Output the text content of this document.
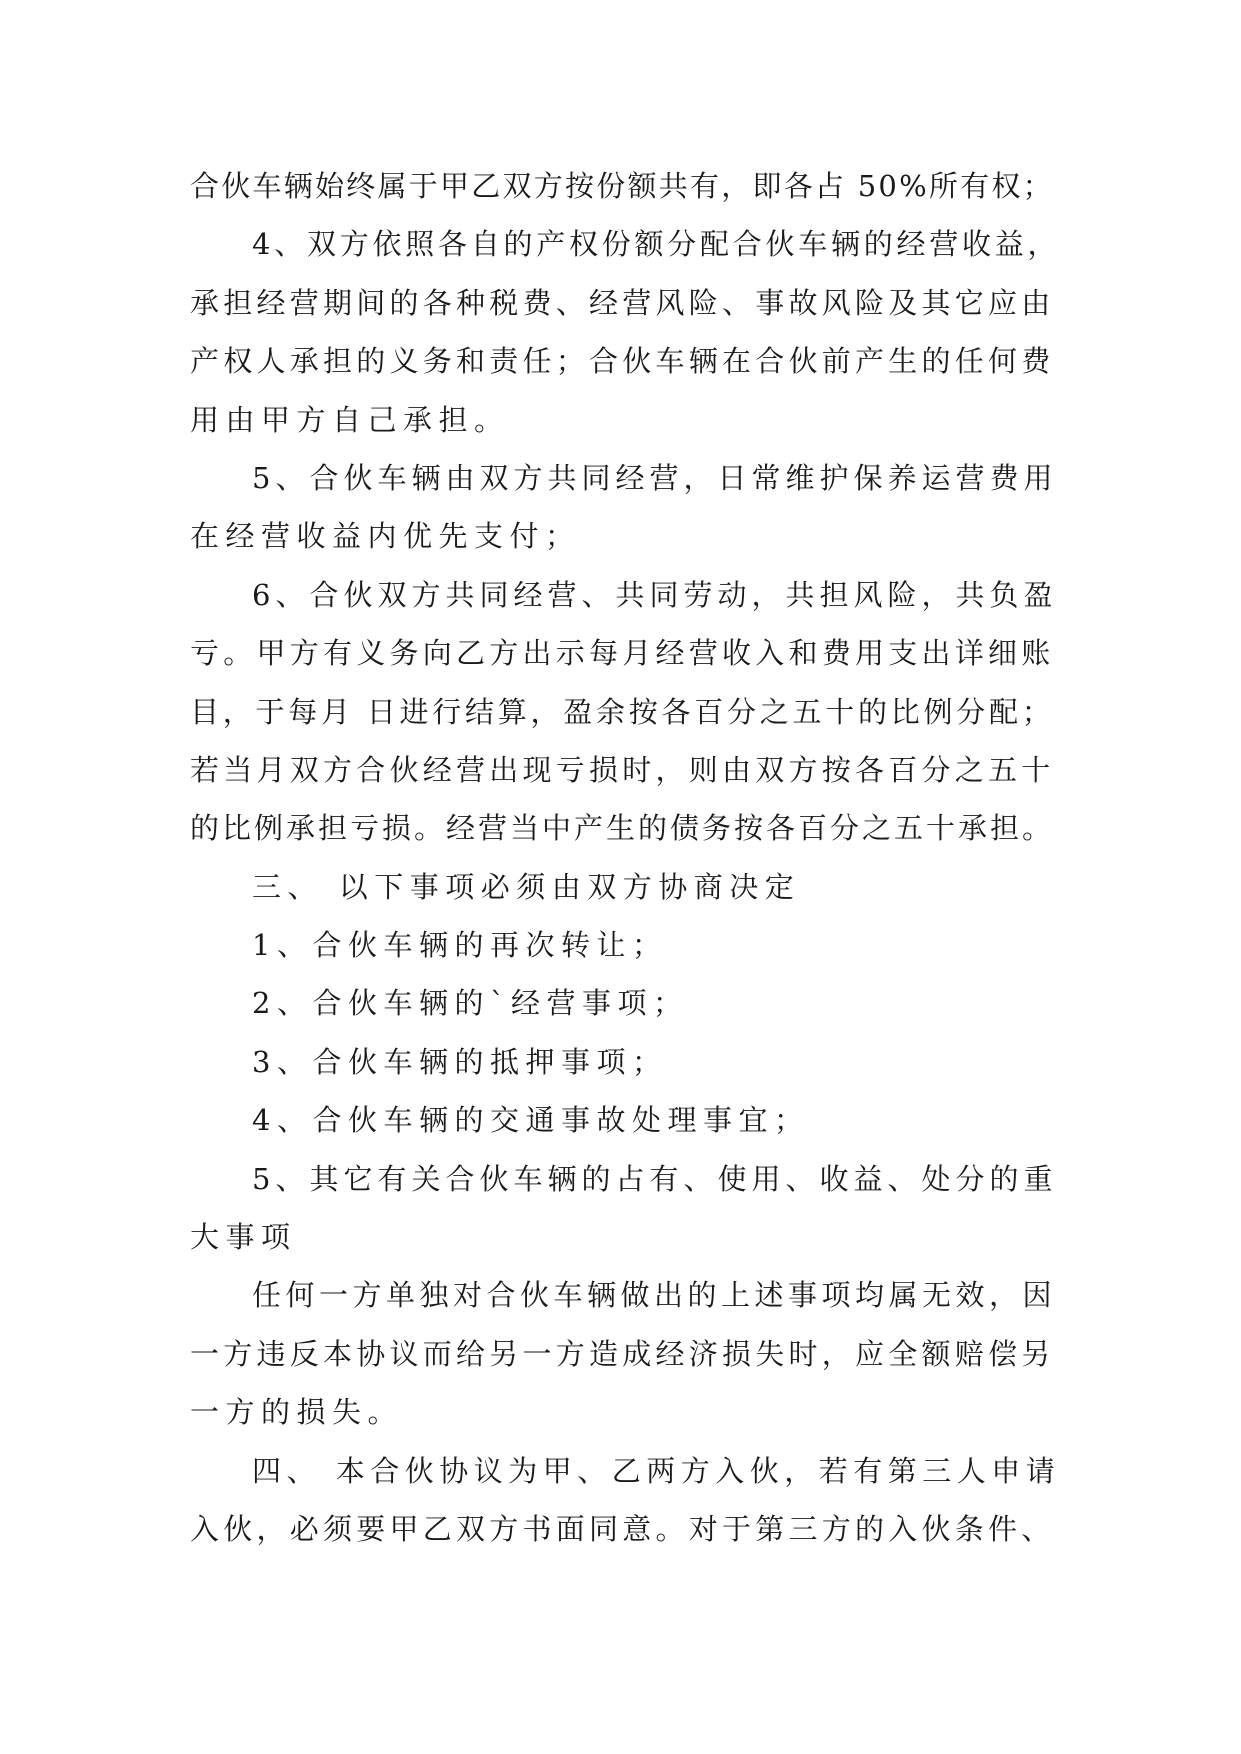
合伙车辆始终属于甲乙双方按份额共有，即各占 50%所有权；
4、双方依照各自的产权份额分配合伙车辆的经营收益，
承担经营期间的各种税费、经营风险、事故风险及其它应由
产权人承担的义务和责任；合伙车辆在合伙前产生的任何费
用由甲方自己承担。
5、合伙车辆由双方共同经营，日常维护保养运营费用
在经营收益内优先支付；
6、合伙双方共同经营、共同劳动，共担风险，共负盈
亏。甲方有义务向乙方出示每月经营收入和费用支出详细账
目，于每月 日进行结算，盈余按各百分之五十的比例分配；
若当月双方合伙经营出现亏损时，则由双方按各百分之五十
的比例承担亏损。经营当中产生的债务按各百分之五十承担。
三、 以下事项必须由双方协商决定
1、合伙车辆的再次转让；
2、合伙车辆的`经营事项；
3、合伙车辆的抵押事项；
4、合伙车辆的交通事故处理事宜；
5、其它有关合伙车辆的占有、使用、收益、处分的重
大事项
任何一方单独对合伙车辆做出的上述事项均属无效，因
一方违反本协议而给另一方造成经济损失时，应全额赔偿另
一方的损失。
四、 本合伙协议为甲、乙两方入伙，若有第三人申请
入伙，必须要甲乙双方书面同意。对于第三方的入伙条件、
